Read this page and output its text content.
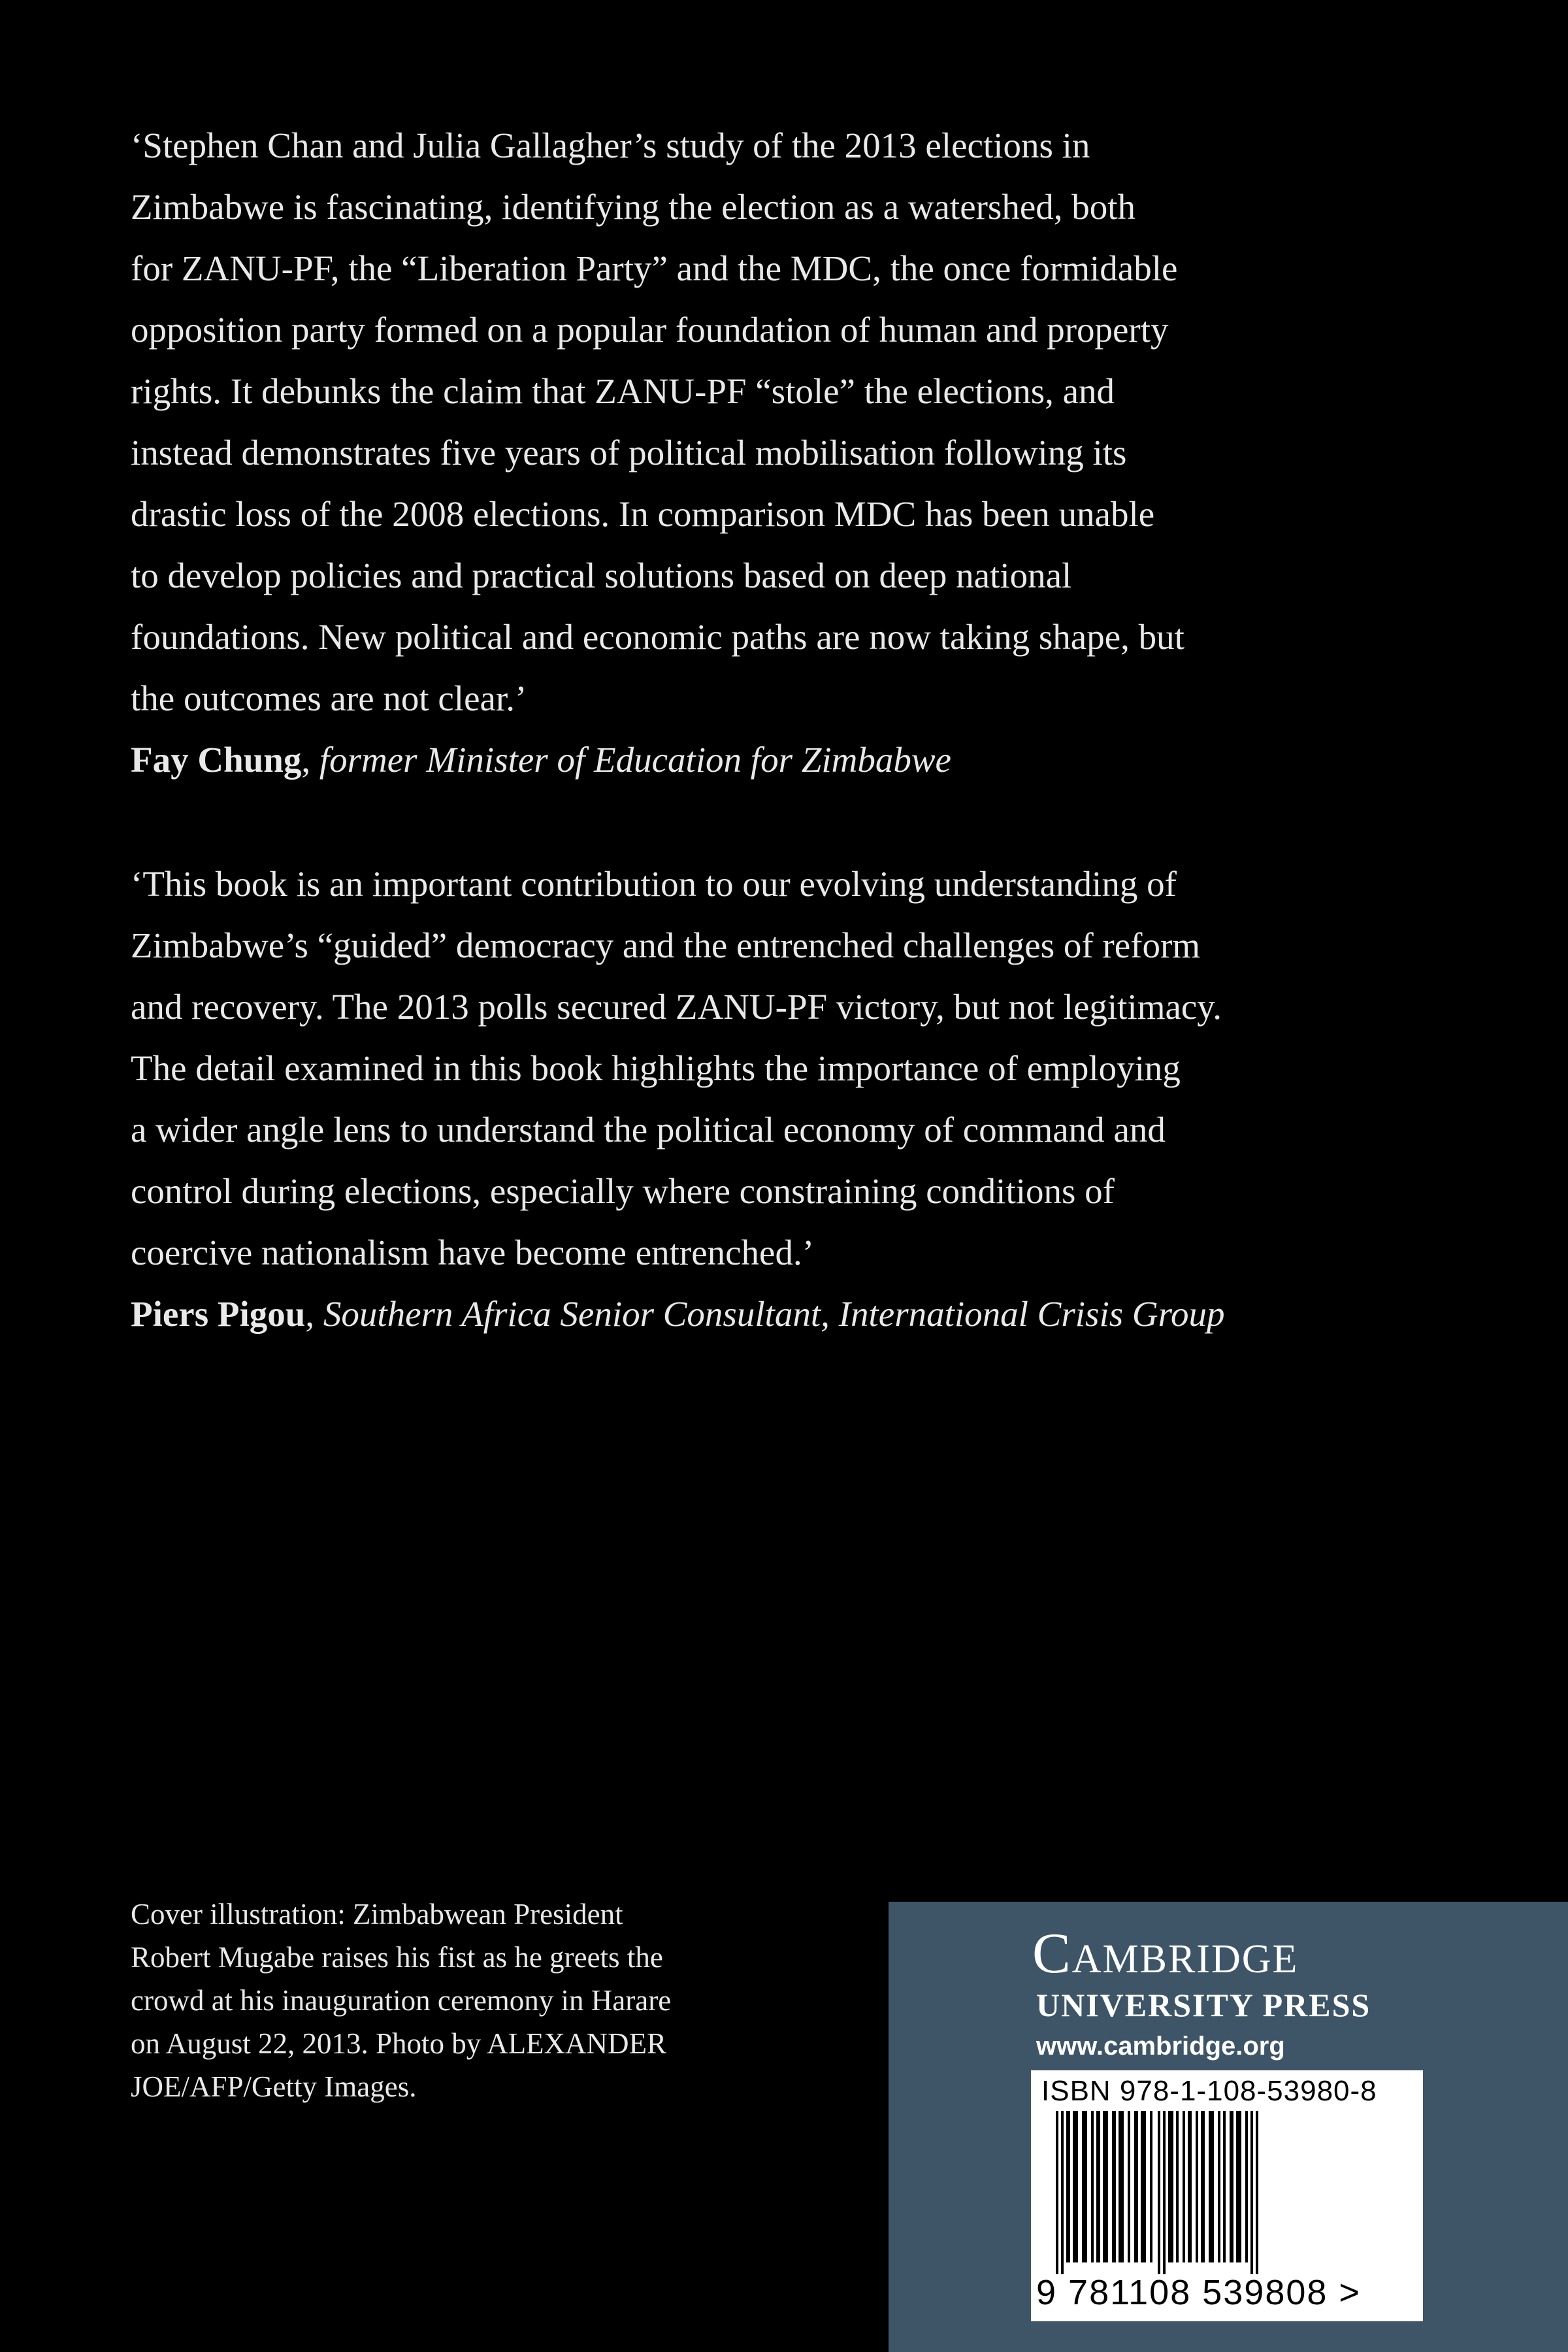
‘Stephen Chan and Julia Gallagher’s study of the 2013 elections in
Zimbabwe is fascinating, identifying the election as a watershed, both
for ZANU-PF, the “Liberation Party” and the MDC, the once formidable
opposition party formed on a popular foundation of human and property
rights. It debunks the claim that ZANU-PF “stole” the elections, and
instead demonstrates five years of political mobilisation following its
drastic loss of the 2008 elections. In comparison MDC has been unable
to develop policies and practical solutions based on deep national
foundations. New political and economic paths are now taking shape, but
the outcomes are not clear.’

Fay Chung, former Minister of Education for Zimbabwe

‘This book is an important contribution to our evolving understanding of
Zimbabwe’s “guided” democracy and the entrenched challenges of reform
and recovery. The 2013 polls secured ZANU-PF victory, but not legitimacy.
The detail examined in this book highlights the importance of employing
a wider angle lens to understand the political economy of command and
control during elections, especially where constraining conditions of
coercive nationalism have become entrenched.’

Piers Pigou, Southern Africa Senior Consultant, International Crisis Group

Cover illustration: Zimbabwean President
Robert Mugabe raises his fist as he greets the
crowd at his inauguration ceremony in Harare
on August 22, 2013. Photo by ALEXANDER
JOE/AFP/Getty Images.

Cambridge

UNIVERSITY PRESS

www.cambridge.org

ISBN 978-1-108-53980-8

9 781108 539808 >
